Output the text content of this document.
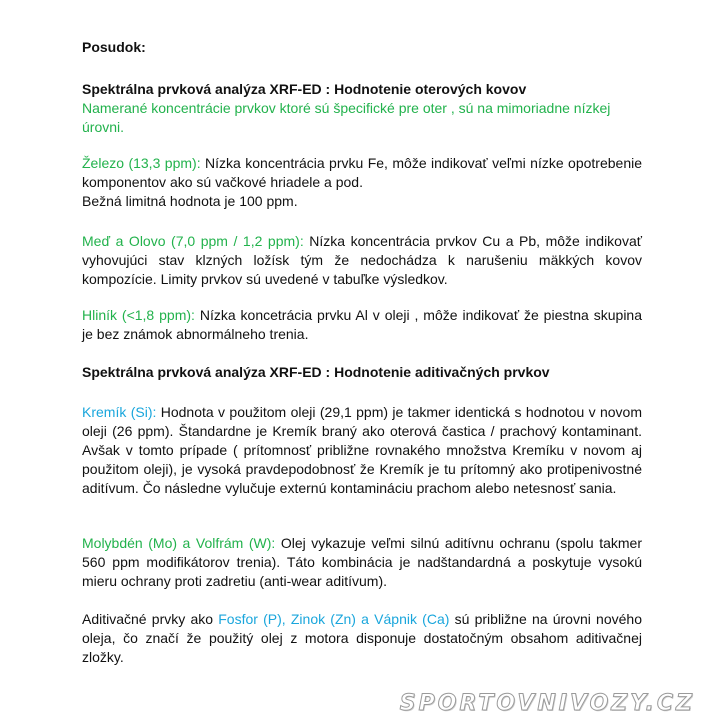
Posudok:
Spektrálna prvková analýza XRF-ED : Hodnotenie oterových kovov
Namerané koncentrácie prvkov ktoré sú špecifické pre oter , sú na mimoriadne nízkej úrovni.
Železo (13,3 ppm): Nízka koncentrácia prvku Fe, môže indikovať veľmi nízke opotrebenie komponentov ako sú vačkové hriadele a pod.
Bežná limitná hodnota je 100 ppm.
Meď a Olovo (7,0 ppm / 1,2 ppm): Nízka koncentrácia prvkov Cu a Pb, môže indikovať vyhovujúci stav klzných ložísk tým že nedochádza k narušeniu mäkkých kovov kompozície. Limity prvkov sú uvedené v tabuľke výsledkov.
Hliník (<1,8 ppm): Nízka koncetrácia prvku Al v oleji , môže indikovať že piestna skupina je bez známok abnormálneho trenia.
Spektrálna prvková analýza XRF-ED : Hodnotenie aditivačných prvkov
Kremík (Si): Hodnota v použitom oleji (29,1 ppm) je takmer identická s hodnotou v novom oleji (26 ppm). Štandardne je Kremík braný ako oterová častica / prachový kontaminant. Avšak v tomto prípade ( prítomnosť približne rovnakého množstva Kremíku v novom aj použitom oleji), je vysoká pravdepodobnosť že Kremík je tu prítomný ako protipenivostné aditívum. Čo následne vylučuje externú kontamináciu prachom alebo netesnosť sania.
Molybdén (Mo) a Volfrám (W): Olej vykazuje veľmi silnú aditívnu ochranu (spolu takmer 560 ppm modifikátorov trenia). Táto kombinácia je nadštandardná a poskytuje vysokú mieru ochrany proti zadretiu (anti-wear aditívum).
Aditivačné prvky ako Fosfor (P), Zinok (Zn) a Vápnik (Ca) sú približne na úrovni nového oleja, čo značí že použitý olej z motora disponuje dostatočným obsahom aditivačnej zložky.
SPORTOVNIVOZY.CZ
